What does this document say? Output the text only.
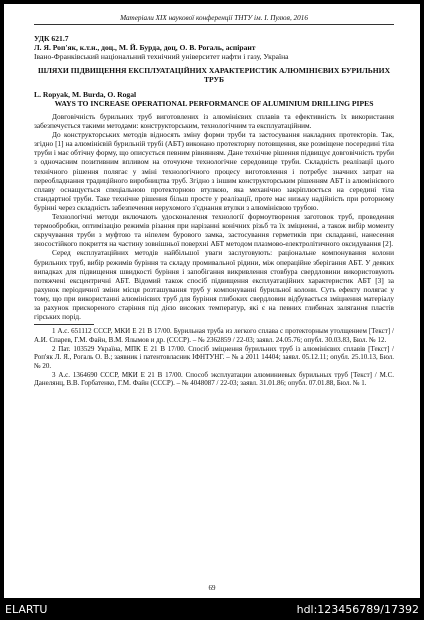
Матеріали XIX наукової конференції ТНТУ ім. І. Пулюя, 2016
УДК 621.7
Л. Я. Роп'як, к.т.н., доц., М. Й. Бурда, доц, О. В. Рогаль, аспірант
Івано-Франківський національний технічний університет нафти і газу, Україна
ШЛЯХИ ПІДВИЩЕННЯ ЕКСПЛУАТАЦІЙНИХ ХАРАКТЕРИСТИК АЛЮМІНІЄВИХ БУРИЛЬНИХ ТРУБ
L. Ropyak, M. Burda, O. Rogal
WAYS TO INCREASE OPERATIONAL PERFORMANCE OF ALUMINIUM DRILLING PIPES

Довговічність бурильних труб виготовлених із алюмінієвих сплавів та ефективність їх використання забезпечується такими методами: конструкторським, технологічним та експлуатаційним.

До конструкторських методів відносять зміну форми труби та застосування накладних протекторів. Так, згідно [1] на алюмінієвій бурильній трубі (АБТ) виконано протекторну потовщення, яке розміщене посередині тіла труби і має обтічну форму, що описується певним рівнянням. Дане технічне рішення підвищує довговічність труби з одночасним позитивним впливом на оточуюче технологічне середовище труби. Складність реалізації цього технічного рішення полягає у зміні технологічного процесу виготовлення і потребує значних затрат на переобладнання традиційного виробництва труб. Згідно з іншим конструкторським рішенням АБТ із алюмінієвого сплаву оснащується спеціальною протекторною втулкою, яка механічно закріплюється на середині тіла стандартної труби. Таке технічне рішення більш просте у реалізації, проте має низьку надійність при роторному бурінні через складність забезпечення нерухомого з'єднання втулки з алюмінієвою трубою.

Технологічні методи включають удосконалення технології формоутворення заготовок труб, проведення термообробки, оптимізацію режимів різання при нарізанні конічних різьб та їх зміцненні, а також вибір моменту скручування труби з муфтою та ніпелем бурового замка, застосування герметиків при складанні, нанесення зносостійкого покриття на частину зовнішньої поверхні АБТ методом плазмово-електролітичного оксидування [2].

Серед експлуатаційних методів найбільшої уваги заслуговують: раціональне компонування колони бурильних труб, вибір режимів буріння та складу промивальної рідини, між операційне зберігання АБТ. У деяких випадках для підвищення швидкості буріння і запобігання викривлення стовбура свердловини використовують потяжчені ексцентричні АБТ. Відомий також спосіб підвищення експлуатаційних характеристик АБТ [3] за рахунок періодичної зміни місця розташування труб у компонуванні бурильної колони. Суть ефекту полягає у тому, що при використанні алюмінієвих труб для буріння глибоких свердловин відбувається зміцнення матеріалу за рахунок прискореного старіння під дією високих температур, які є на певних глибинах залягання пластів гірських порід.

1 А.с. 651112 СССР, МКИ Е 21 В 17/00. Бурильная труба из легкого сплава с протекторным утолщением [Текст] / А.И. Спарев, Г.М. Файн, В.М. Ялымов и др. (СССР). – № 2362859 / 22-03; заявл. 24.05.76; опубл. 30.03.83, Бюл. № 12.

2 Пат. 103529 Україна, МПК Е 21 В 17/00. Спосіб зміцнення бурильних труб із алюмінієвих сплавів [Текст] / Роп'як Л. Я., Рогаль О. В.; заявник і патентовласник ІФНТУНГ. – № a 2011 14404; заявл. 05.12.11; опубл. 25.10.13, Бюл. № 20.

3 А.с. 1364690 СССР, МКИ Е 21 В 17/00. Способ эксплуатации алюминиевых бурильных труб [Текст] / М.С. Данелянц, В.В. Горбатенко, Г.М. Файн (СССР). – № 4048087 / 22-03; заявл. 31.01.86; опубл. 07.01.88, Бюл. № 1.

69
ELARTU	hdl:123456789/17392
